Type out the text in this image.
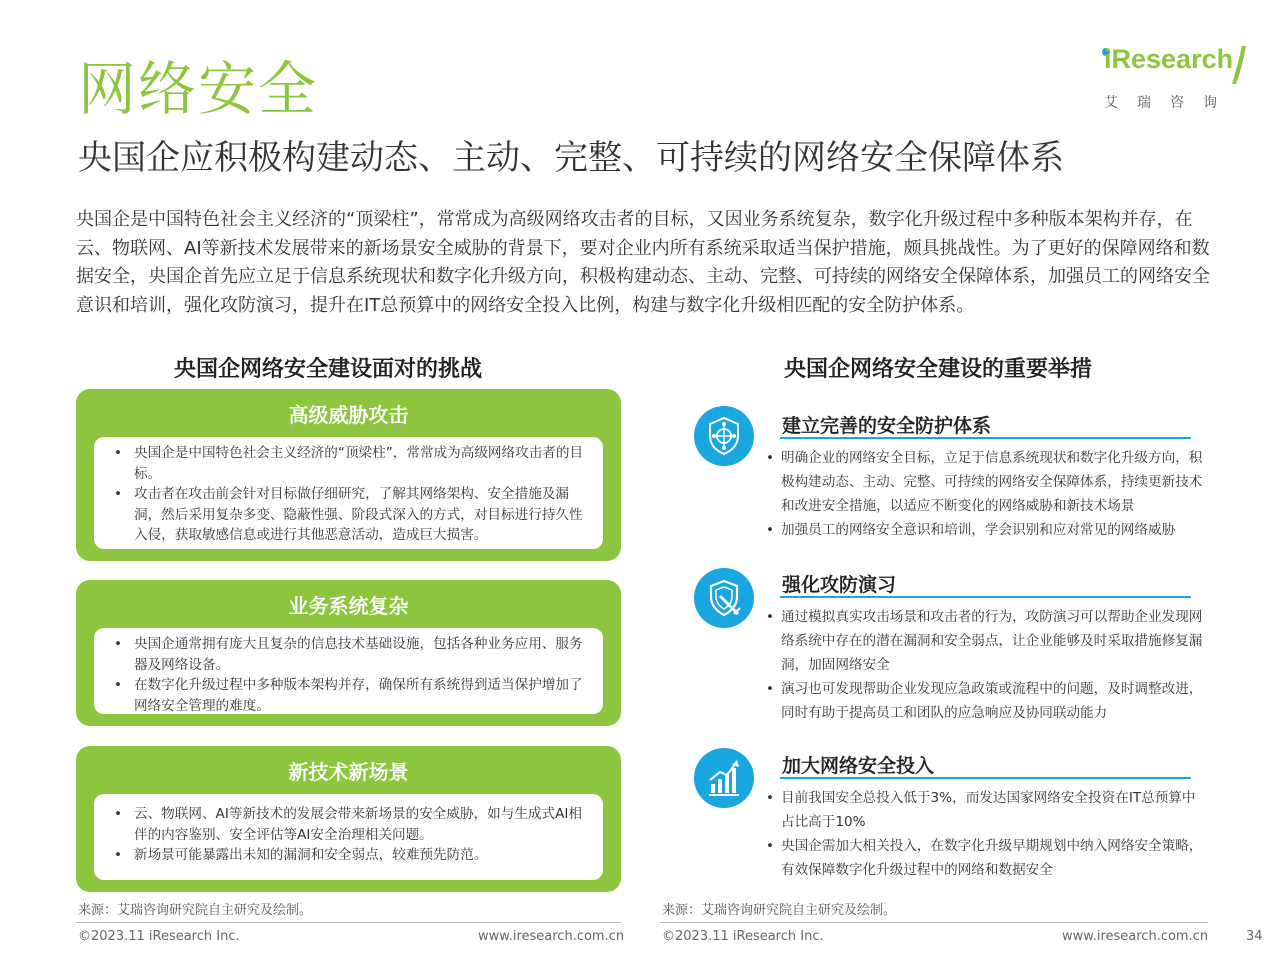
网络安全	iResearch
艾瑞咨询
央国企应积极构建动态、主动、完整、可持续的网络安全保障体系
央国企是中国特色社会主义经济的“顶梁柱”，常常成为高级网络攻击者的目标，又因业务系统复杂，数字化升级过程中多种版本架构并存，在云、物联网、AI等新技术发展带来的新场景安全威胁的背景下，要对企业内所有系统采取适当保护措施，颇具挑战性。为了更好的保障网络和数据安全，央国企首先应立足于信息系统现状和数字化升级方向，积极构建动态、主动、完整、可持续的网络安全保障体系，加强员工的网络安全意识和培训，强化攻防演习，提升在IT总预算中的网络安全投入比例，构建与数字化升级相匹配的安全防护体系。
央国企网络安全建设面对的挑战
高级威胁攻击
• 央国企是中国特色社会主义经济的“顶梁柱”，常常成为高级网络攻击者的目标。
• 攻击者在攻击前会针对目标做仔细研究，了解其网络架构、安全措施及漏洞，然后采用复杂多变、隐蔽性强、阶段式深入的方式，对目标进行持久性入侵，获取敏感信息或进行其他恶意活动，造成巨大损害。
业务系统复杂
• 央国企通常拥有庞大且复杂的信息技术基础设施，包括各种业务应用、服务器及网络设备。
• 在数字化升级过程中多种版本架构并存，确保所有系统得到适当保护增加了网络安全管理的难度。
新技术新场景
• 云、物联网、AI等新技术的发展会带来新场景的安全威胁，如与生成式AI相伴的内容鉴别、安全评估等AI安全治理相关问题。
• 新场景可能暴露出未知的漏洞和安全弱点，较难预先防范。
来源：艾瑞咨询研究院自主研究及绘制。
©2023.11 iResearch Inc.	www.iresearch.com.cn
央国企网络安全建设的重要举措
建立完善的安全防护体系
• 明确企业的网络安全目标，立足于信息系统现状和数字化升级方向，积极构建动态、主动、完整、可持续的网络安全保障体系，持续更新技术和改进安全措施，以适应不断变化的网络威胁和新技术场景
• 加强员工的网络安全意识和培训，学会识别和应对常见的网络威胁
强化攻防演习
• 通过模拟真实攻击场景和攻击者的行为，攻防演习可以帮助企业发现网络系统中存在的潜在漏洞和安全弱点，让企业能够及时采取措施修复漏洞，加固网络安全
• 演习也可发现帮助企业发现应急政策或流程中的问题，及时调整改进，同时有助于提高员工和团队的应急响应及协同联动能力
加大网络安全投入
• 目前我国安全总投入低于3%，而发达国家网络安全投资在IT总预算中占比高于10%
• 央国企需加大相关投入，在数字化升级早期规划中纳入网络安全策略，有效保障数字化升级过程中的网络和数据安全
来源：艾瑞咨询研究院自主研究及绘制。
©2023.11 iResearch Inc.	www.iresearch.com.cn	34
